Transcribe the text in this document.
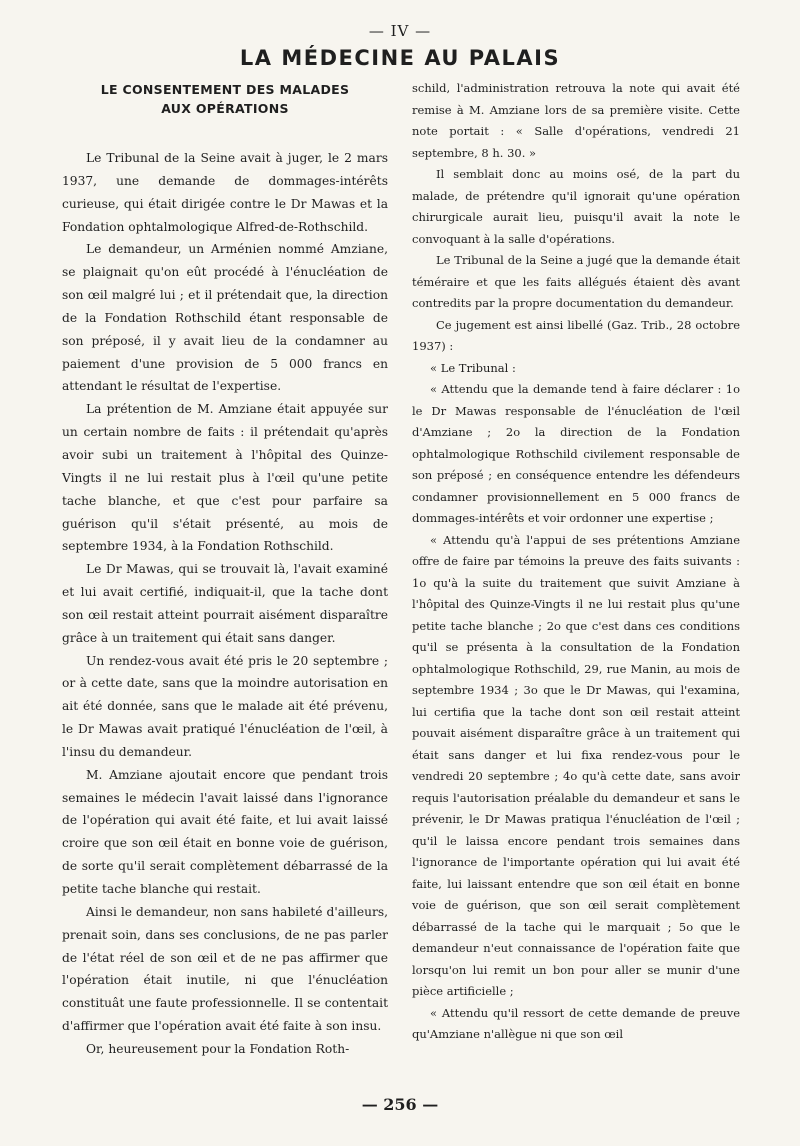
— IV —
LA MÉDECINE AU PALAIS
LE CONSENTEMENT DES MALADES
AUX OPÉRATIONS

Le Tribunal de la Seine avait à juger, le 2 mars 1937, une demande de dommages-intérêts curieuse, qui était dirigée contre le Dr Mawas et la Fondation ophtalmologique Alfred-de-Rothschild.

Le demandeur, un Arménien nommé Amziane, se plaignait qu'on eût procédé à l'énucléation de son œil malgré lui ; et il prétendait que, la direction de la Fondation Rothschild étant responsable de son préposé, il y avait lieu de la condamner au paiement d'une provision de 5 000 francs en attendant le résultat de l'expertise.

La prétention de M. Amziane était appuyée sur un certain nombre de faits : il prétendait qu'après avoir subi un traitement à l'hôpital des Quinze-Vingts il ne lui restait plus à l'œil qu'une petite tache blanche, et que c'est pour parfaire sa guérison qu'il s'était présenté, au mois de septembre 1934, à la Fondation Rothschild.

Le Dr Mawas, qui se trouvait là, l'avait examiné et lui avait certifié, indiquait-il, que la tache dont son œil restait atteint pourrait aisément disparaître grâce à un traitement qui était sans danger.

Un rendez-vous avait été pris le 20 septembre ; or à cette date, sans que la moindre autorisation en ait été donnée, sans que le malade ait été prévenu, le Dr Mawas avait pratiqué l'énucléation de l'œil, à l'insu du demandeur.

M. Amziane ajoutait encore que pendant trois semaines le médecin l'avait laissé dans l'ignorance de l'opération qui avait été faite, et lui avait laissé croire que son œil était en bonne voie de guérison, de sorte qu'il serait complètement débarrassé de la petite tache blanche qui restait.

Ainsi le demandeur, non sans habileté d'ailleurs, prenait soin, dans ses conclusions, de ne pas parler de l'état réel de son œil et de ne pas affirmer que l'opération était inutile, ni que l'énucléation constituât une faute professionnelle. Il se contentait d'affirmer que l'opération avait été faite à son insu.

Or, heureusement pour la Fondation Roth-

schild, l'administration retrouva la note qui avait été remise à M. Amziane lors de sa première visite. Cette note portait : « Salle d'opérations, vendredi 21 septembre, 8 h. 30. »

Il semblait donc au moins osé, de la part du malade, de prétendre qu'il ignorait qu'une opération chirurgicale aurait lieu, puisqu'il avait la note le convoquant à la salle d'opérations.

Le Tribunal de la Seine a jugé que la demande était téméraire et que les faits allégués étaient dès avant contredits par la propre documentation du demandeur.

Ce jugement est ainsi libellé (Gaz. Trib., 28 octobre 1937) :

« Le Tribunal :

« Attendu que la demande tend à faire déclarer : 1o le Dr Mawas responsable de l'énucléation de l'œil d'Amziane ; 2o la direction de la Fondation ophtalmologique Rothschild civilement responsable de son préposé ; en conséquence entendre les défendeurs condamner provisionnellement en 5 000 francs de dommages-intérêts et voir ordonner une expertise ;

« Attendu qu'à l'appui de ses prétentions Amziane offre de faire par témoins la preuve des faits suivants : 1o qu'à la suite du traitement que suivit Amziane à l'hôpital des Quinze-Vingts il ne lui restait plus qu'une petite tache blanche ; 2o que c'est dans ces conditions qu'il se présenta à la consultation de la Fondation ophtalmologique Rothschild, 29, rue Manin, au mois de septembre 1934 ; 3o que le Dr Mawas, qui l'examina, lui certifia que la tache dont son œil restait atteint pouvait aisément disparaître grâce à un traitement qui était sans danger et lui fixa rendez-vous pour le vendredi 20 septembre ; 4o qu'à cette date, sans avoir requis l'autorisation préalable du demandeur et sans le prévenir, le Dr Mawas pratiqua l'énucléation de l'œil ; qu'il le laissa encore pendant trois semaines dans l'ignorance de l'importante opération qui lui avait été faite, lui laissant entendre que son œil était en bonne voie de guérison, que son œil serait complètement débarrassé de la tache qui le marquait ; 5o que le demandeur n'eut connaissance de l'opération faite que lorsqu'on lui remit un bon pour aller se munir d'une pièce artificielle ;

« Attendu qu'il ressort de cette demande de preuve qu'Amziane n'allègue ni que son œil

— 256 —
